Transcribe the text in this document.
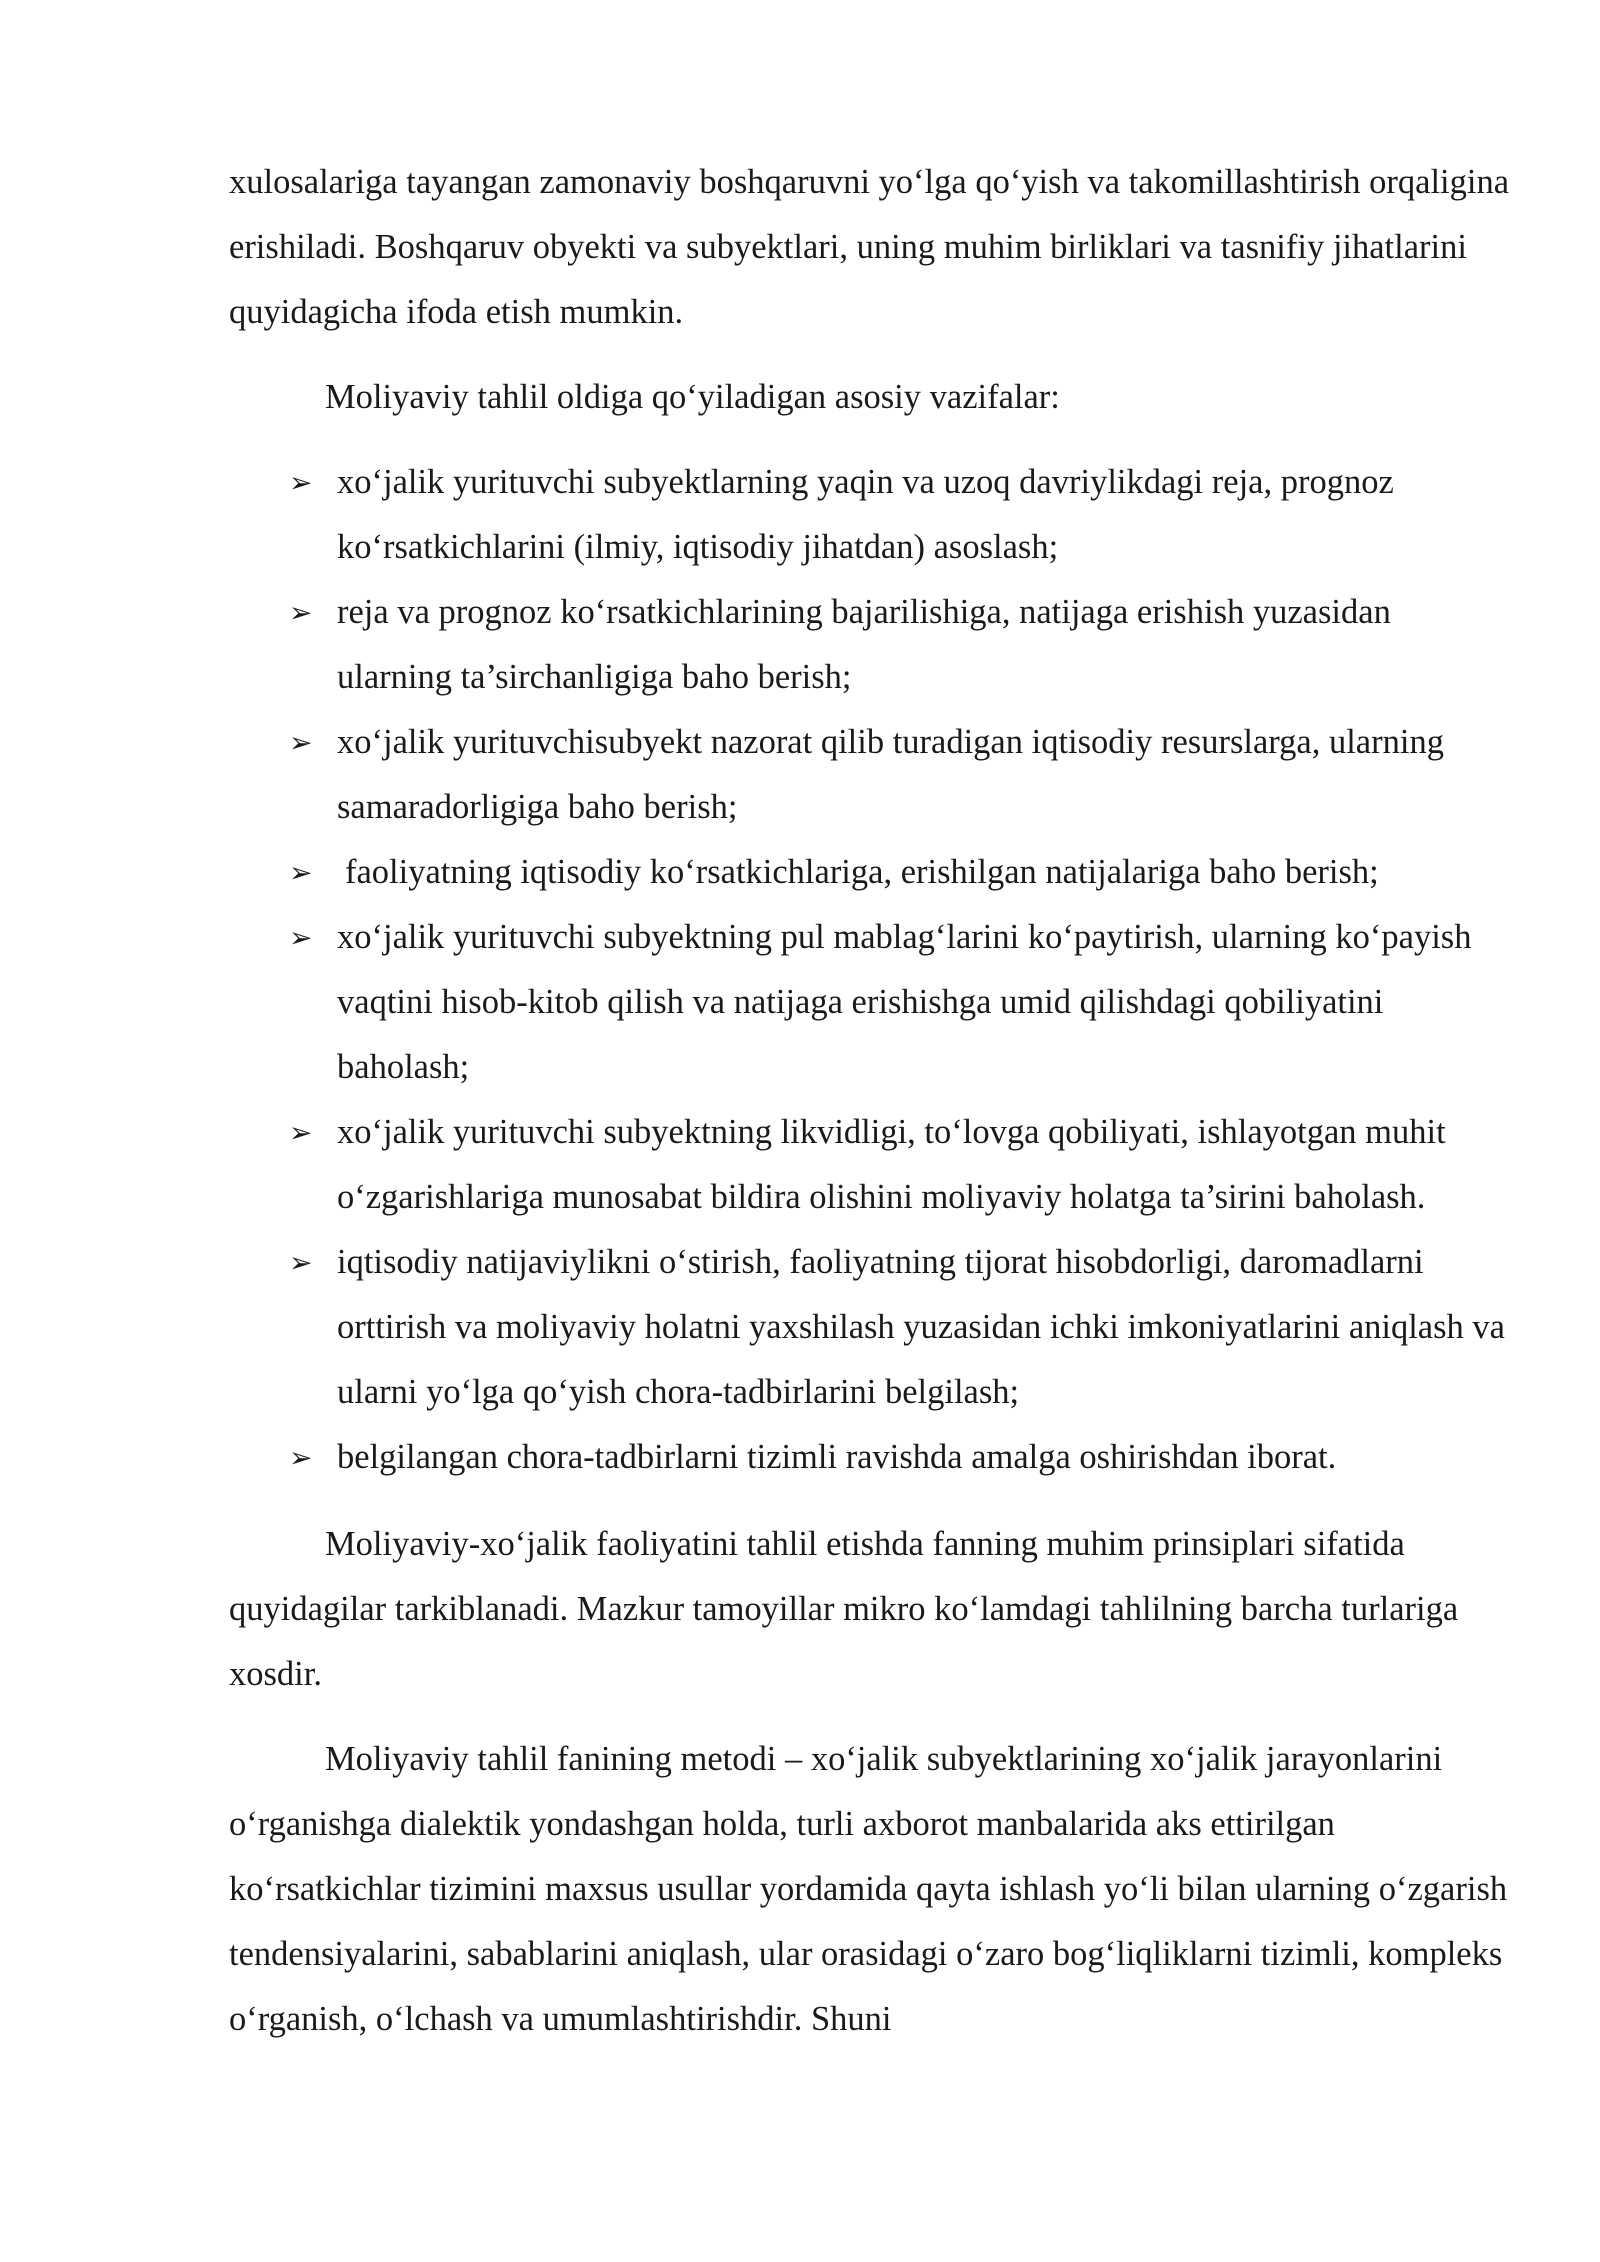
xulosalariga tayangan zamonaviy boshqaruvni yo‘lga qo‘yish va takomillashtirish orqaligina erishiladi. Boshqaruv obyekti va subyektlari, uning muhim birliklari va tasnifiy jihatlarini quyidagicha ifoda etish mumkin.

Moliyaviy tahlil oldiga qo‘yiladigan asosiy vazifalar:

➢ xo‘jalik yurituvchi subyektlarning yaqin va uzoq davriylikdagi reja, prognoz ko‘rsatkichlarini (ilmiy, iqtisodiy jihatdan) asoslash;
➢ reja va prognoz ko‘rsatkichlarining bajarilishiga, natijaga erishish yuzasidan ularning ta’sirchanligiga baho berish;
➢ xo‘jalik yurituvchisubyekt nazorat qilib turadigan iqtisodiy resurslarga, ularning samaradorligiga baho berish;
➢ faoliyatning iqtisodiy ko‘rsatkichlariga, erishilgan natijalariga baho berish;
➢ xo‘jalik yurituvchi subyektning pul mablag‘larini ko‘paytirish, ularning ko‘payish vaqtini hisob-kitob qilish va natijaga erishishga umid qilishdagi qobiliyatini baholash;
➢ xo‘jalik yurituvchi subyektning likvidligi, to‘lovga qobiliyati, ishlayotgan muhit o‘zgarishlariga munosabat bildira olishini moliyaviy holatga ta’sirini baholash.
➢ iqtisodiy natijaviylikni o‘stirish, faoliyatning tijorat hisobdorligi, daromadlarni orttirish va moliyaviy holatni yaxshilash yuzasidan ichki imkoniyatlarini aniqlash va ularni yo‘lga qo‘yish chora-tadbirlarini belgilash;
➢ belgilangan chora-tadbirlarni tizimli ravishda amalga oshirishdan iborat.

Moliyaviy-xo‘jalik faoliyatini tahlil etishda fanning muhim prinsiplari sifatida quyidagilar tarkiblanadi. Mazkur tamoyillar mikro ko‘lamdagi tahlilning barcha turlariga xosdir.

Moliyaviy tahlil fanining metodi – xo‘jalik subyektlarining xo‘jalik jarayonlarini o‘rganishga dialektik yondashgan holda, turli axborot manbalarida aks ettirilgan ko‘rsatkichlar tizimini maxsus usullar yordamida qayta ishlash yo‘li bilan ularning o‘zgarish tendensiyalarini, sabablarini aniqlash, ular orasidagi o‘zaro bog‘liqliklarni tizimli, kompleks o‘rganish, o‘lchash va umumlashtirishdir. Shuni
